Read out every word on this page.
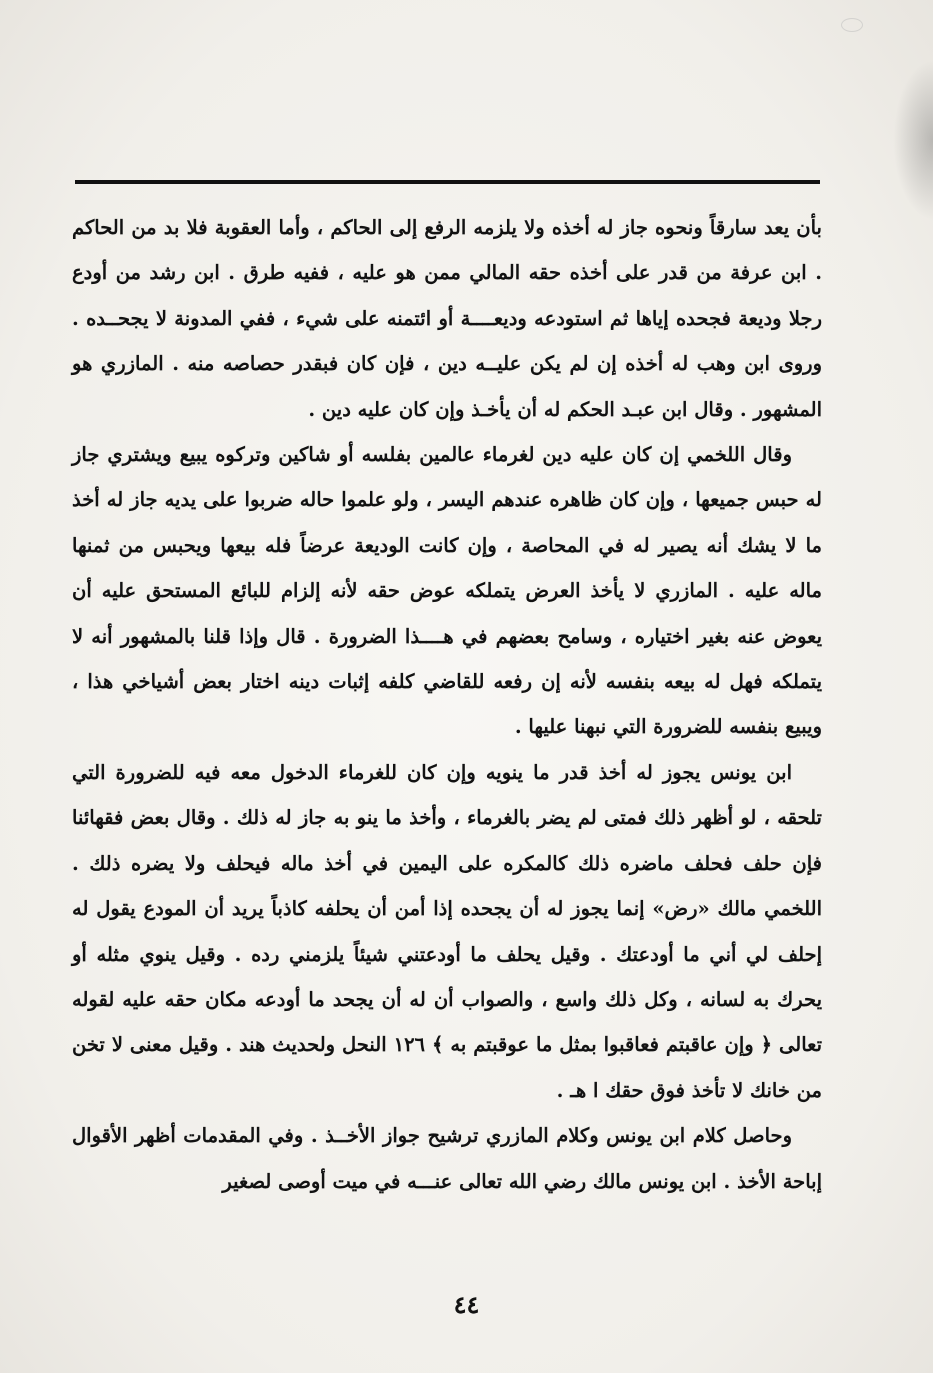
بأن يعد سارقاً ونحوه جاز له أخذه ولا يلزمه الرفع إلى الحاكم ، وأما العقوبة فلا بد من الحاكم . ابن عرفة من قدر على أخذه حقه المالي ممن هو عليه ، ففيه طرق . ابن رشد من أودع رجلا وديعة فجحده إياها ثم استودعه وديعــــة أو ائتمنه على شيء ، ففي المدونة لا يجحــده . وروى ابن وهب له أخذه إن لم يكن عليــه دين ، فإن كان فبقدر حصاصه منه . المازري هو المشهور . وقال ابن عبـد الحكم له أن يأخـذ وإن كان عليه دين .

وقال اللخمي إن كان عليه دين لغرماء عالمين بفلسه أو شاكين وتركوه يبيع ويشتري جاز له حبس جميعها ، وإن كان ظاهره عندهم اليسر ، ولو علموا حاله ضربوا على يديه جاز له أخذ ما لا يشك أنه يصير له في المحاصة ، وإن كانت الوديعة عرضاً فله بيعها ويحبس من ثمنها ماله عليه . المازري لا يأخذ العرض يتملكه عوض حقه لأنه إلزام للبائع المستحق عليه أن يعوض عنه بغير اختياره ، وسامح بعضهم في هــــذا الضرورة . قال وإذا قلنا بالمشهور أنه لا يتملكه فهل له بيعه بنفسه لأنه إن رفعه للقاضي كلفه إثبات دينه اختار بعض أشياخي هذا ، ويبيع بنفسه للضرورة التي نبهنا عليها .

ابن يونس يجوز له أخذ قدر ما ينويه وإن كان للغرماء الدخول معه فيه للضرورة التي تلحقه ، لو أظهر ذلك فمتى لم يضر بالغرماء ، وأخذ ما ينو به جاز له ذلك . وقال بعض فقهائنا فإن حلف فحلف ماضره ذلك كالمكره على اليمين في أخذ ماله فيحلف ولا يضره ذلك . اللخمي مالك «رض» إنما يجوز له أن يجحده إذا أمن أن يحلفه كاذباً يريد أن المودع يقول له إحلف لي أني ما أودعتك . وقيل يحلف ما أودعتني شيئاً يلزمني رده . وقيل ينوي مثله أو يحرك به لسانه ، وكل ذلك واسع ، والصواب أن له أن يجحد ما أودعه مكان حقه عليه لقوله تعالى ﴿ وإن عاقبتم فعاقبوا بمثل ما عوقبتم به ﴾ ١٢٦ النحل ولحديث هند . وقيل معنى لا تخن من خانك لا تأخذ فوق حقك ا هـ .

وحاصل كلام ابن يونس وكلام المازري ترشيح جواز الأخــذ . وفي المقدمات أظهر الأقوال إباحة الأخذ . ابن يونس مالك رضي الله تعالى عنـــه في ميت أوصى لصغير

٤٤
